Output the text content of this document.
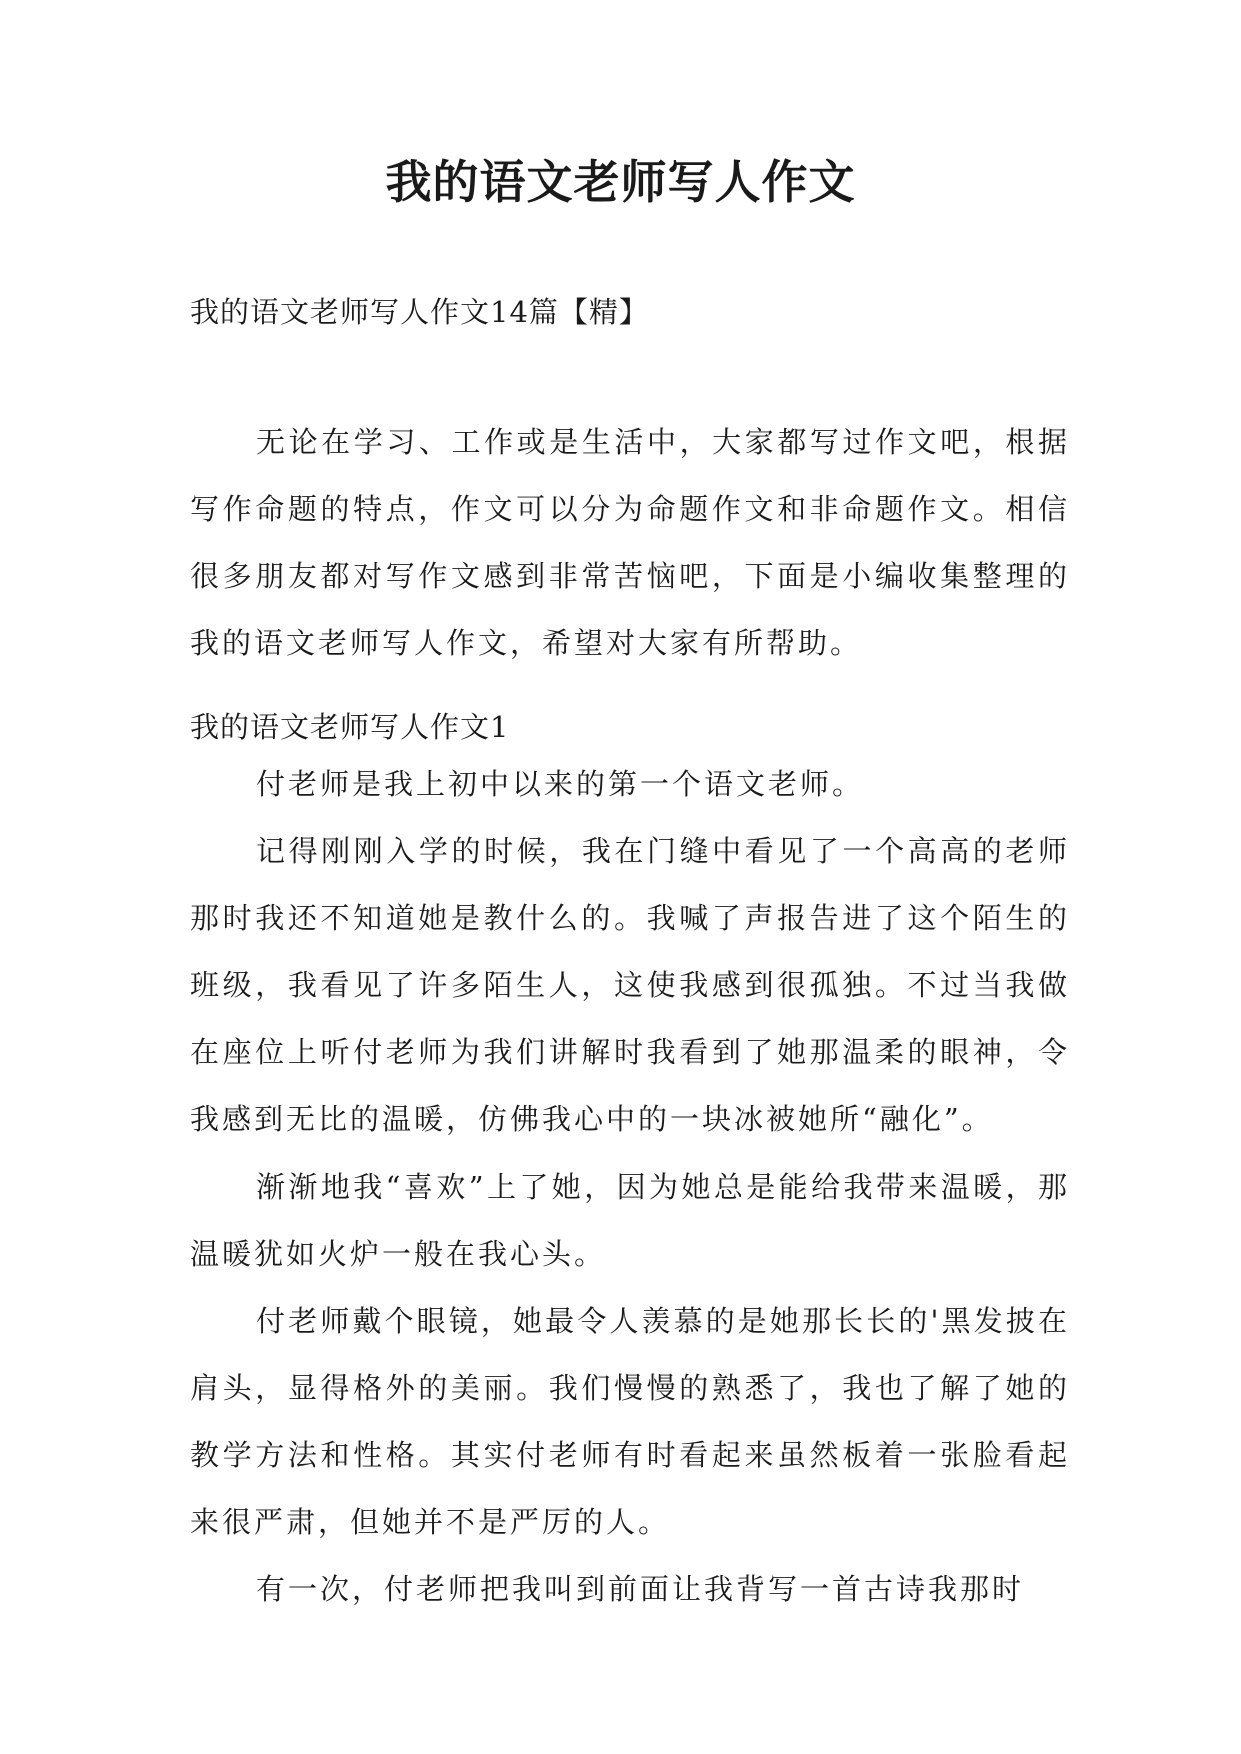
我的语文老师写人作文

我的语文老师写人作文14篇【精】

无论在学习、工作或是生活中，大家都写过作文吧，根据写作命题的特点，作文可以分为命题作文和非命题作文。相信很多朋友都对写作文感到非常苦恼吧，下面是小编收集整理的我的语文老师写人作文，希望对大家有所帮助。

我的语文老师写人作文1

付老师是我上初中以来的第一个语文老师。

记得刚刚入学的时候，我在门缝中看见了一个高高的老师那时我还不知道她是教什么的。我喊了声报告进了这个陌生的班级，我看见了许多陌生人，这使我感到很孤独。不过当我做在座位上听付老师为我们讲解时我看到了她那温柔的眼神，令我感到无比的温暖，仿佛我心中的一块冰被她所“融化”。

渐渐地我“喜欢”上了她，因为她总是能给我带来温暖，那温暖犹如火炉一般在我心头。

付老师戴个眼镜，她最令人羡慕的是她那长长的'黑发披在肩头，显得格外的美丽。我们慢慢的熟悉了，我也了解了她的教学方法和性格。其实付老师有时看起来虽然板着一张脸看起来很严肃，但她并不是严厉的人。

有一次，付老师把我叫到前面让我背写一首古诗我那时
